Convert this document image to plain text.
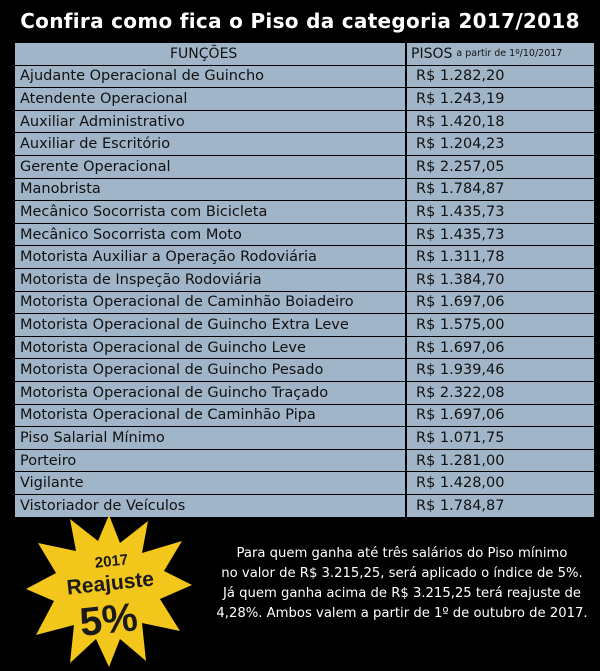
Confira como fica o Piso da categoria 2017/2018
FUNÇÕES	PISOS a partir de 1º/10/2017
Ajudante Operacional de Guincho	R$ 1.282,20
Atendente Operacional	R$ 1.243,19
Auxiliar Administrativo	R$ 1.420,18
Auxiliar de Escritório	R$ 1.204,23
Gerente Operacional	R$ 2.257,05
Manobrista	R$ 1.784,87
Mecânico Socorrista com Bicicleta	R$ 1.435,73
Mecânico Socorrista com Moto	R$ 1.435,73
Motorista Auxiliar a Operação Rodoviária	R$ 1.311,78
Motorista de Inspeção Rodoviária	R$ 1.384,70
Motorista Operacional de Caminhão Boiadeiro	R$ 1.697,06
Motorista Operacional de Guincho Extra Leve	R$ 1.575,00
Motorista Operacional de Guincho Leve	R$ 1.697,06
Motorista Operacional de Guincho Pesado	R$ 1.939,46
Motorista Operacional de Guincho Traçado	R$ 2.322,08
Motorista Operacional de Caminhão Pipa	R$ 1.697,06
Piso Salarial Mínimo	R$ 1.071,75
Porteiro	R$ 1.281,00
Vigilante	R$ 1.428,00
Vistoriador de Veículos	R$ 1.784,87
2017
Reajuste
5%
Para quem ganha até três salários do Piso mínimo
no valor de R$ 3.215,25, será aplicado o índice de 5%.
Já quem ganha acima de R$ 3.215,25 terá reajuste de
4,28%. Ambos valem a partir de 1º de outubro de 2017.
